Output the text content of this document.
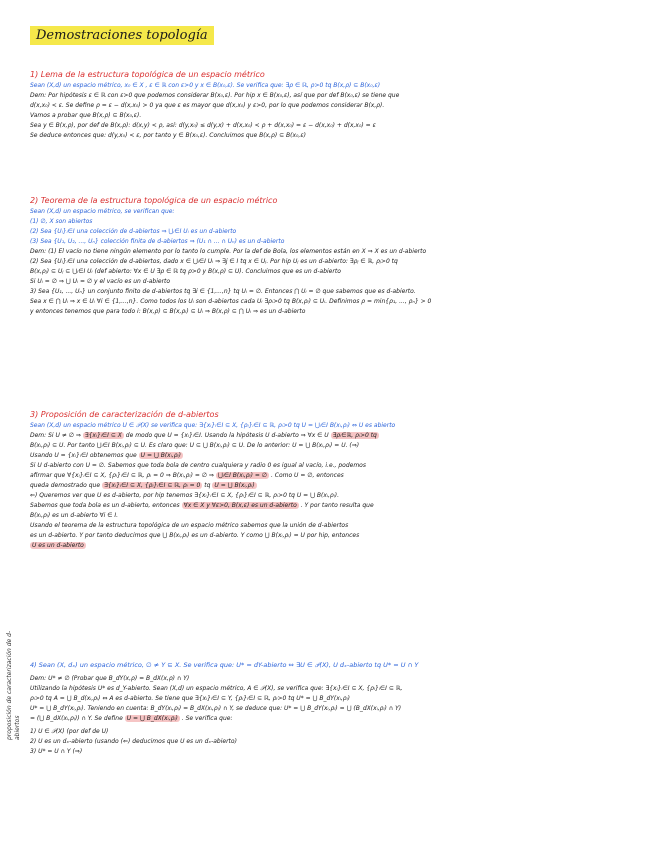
Demostraciones topología
1) Lema de la estructura topológica de un espacio métrico
Sean (X,d) un espacio métrico, x₀ ∈ X , ε ∈ ℝ con ε>0 y x ∈ B(x₀,ε). Se verifica que: ∃ρ ∈ ℝ, ρ>0 tq B(x,ρ) ⊆ B(x₀,ε)
Dem: Por hipótesis ε ∈ ℝ con ε>0 que podemos considerar B(x₀,ε). Por hip x ∈ B(x₀,ε), así que por def B(x₀,ε) se tiene que
d(x,x₀) < ε. Se define ρ = ε − d(x,x₀) > 0 ya que ε es mayor que d(x,x₀) y ε>0, por lo que podemos considerar B(x,ρ).
Vamos a probar que B(x,ρ) ⊆ B(x₀,ε).
Sea y ∈ B(x,ρ), por def de B(x,ρ): d(x,y) < ρ, así: d(y,x₀) ≤ d(y,x) + d(x,x₀) < ρ + d(x,x₀) = ε − d(x,x₀) + d(x,x₀) = ε
Se deduce entonces que: d(y,x₀) < ε, por tanto y ∈ B(x₀,ε). Concluimos que B(x,ρ) ⊆ B(x₀,ε)
2) Teorema de la estructura topológica de un espacio métrico
Sean (X,d) un espacio métrico, se verifican que:
(1) ∅, X son abiertos
(2) Sea {Uᵢ}ᵢ∈I una colección de d-abiertos ⇒ ⋃ᵢ∈I Uᵢ es un d-abierto
(3) Sea {U₁, U₂, ..., Uₙ} colección finita de d-abiertos ⇒ (U₁ ∩ ... ∩ Uₙ) es un d-abierto
Dem: (1) El vacío no tiene ningún elemento por lo tanto lo cumple. Por la def de Bola, los elementos están en X ⇒ X es un d-abierto
(2) Sea {Uᵢ}ᵢ∈I una colección de d-abiertos, dado x ∈ ⋃ᵢ∈I Uᵢ ⇒ ∃j ∈ I tq x ∈ Uⱼ. Por hip Uⱼ es un d-abierto: ∃ρⱼ ∈ ℝ, ρⱼ>0 tq
B(x,ρⱼ) ⊆ Uⱼ ⊆ ⋃ᵢ∈I Uᵢ (def abierto: ∀x ∈ U ∃ρ ∈ ℝ tq ρ>0 y B(x,ρ) ⊆ U). Concluimos que es un d-abierto
Si Uᵢ = ∅ ⇒ ⋃ Uᵢ = ∅ y el vacío es un d-abierto
3) Sea {U₁, ..., Uₙ} un conjunto finito de d-abiertos tq ∃i ∈ {1,...,n} tq Uᵢ = ∅. Entonces ⋂ Uᵢ = ∅ que sabemos que es d-abierto.
Sea x ∈ ⋂ Uᵢ ⇒ x ∈ Uᵢ ∀i ∈ {1,...,n}. Como todos los Uᵢ son d-abiertos cada Uᵢ ∃ρᵢ>0 tq B(x,ρᵢ) ⊆ Uᵢ. Definimos ρ = min{ρ₁, ..., ρₙ} > 0
y entonces tenemos que para todo i: B(x,ρ) ⊆ B(x,ρᵢ) ⊆ Uᵢ ⇒ B(x,ρ) ⊆ ⋂ Uᵢ ⇒ es un d-abierto
3) Proposición de caracterización de d-abiertos
Sean (X,d) un espacio métrico U ∈ 𝒫(X) se verifica que: ∃{xᵢ}ᵢ∈I ⊆ X, {ρᵢ}ᵢ∈I ⊆ ℝ, ρᵢ>0 tq U = ⋃ᵢ∈I B(xᵢ,ρᵢ) ⇔ U es abierto
Dem: Si U ≠ ∅ ⇒ ∃{xᵢ}ᵢ∈I ⊆ X de modo que U = {xᵢ}ᵢ∈I. Usando la hipótesis U d-abierto ⇒ ∀x ∈ U ∃ρᵢ∈ℝ, ρᵢ>0 tq
B(xᵢ,ρᵢ) ⊆ U. Por tanto ⋃ᵢ∈I B(xᵢ,ρᵢ) ⊆ U. Es claro que: U ⊆ ⋃ B(xᵢ,ρᵢ) ⊆ U. De lo anterior: U = ⋃ B(xᵢ,ρᵢ) = U. (⇒)
Usando U = {xᵢ}ᵢ∈I obtenemos que U = ⋃ B(xᵢ,ρᵢ)
Si U d-abierto con U = ∅. Sabemos que toda bola de centro cualquiera y radio 0 es igual al vacío, i.e., podemos
afirmar que ∀{xᵢ}ᵢ∈I ⊆ X, {ρᵢ}ᵢ∈I ⊆ ℝ, ρᵢ = 0 ⇒ B(xᵢ,ρᵢ) = ∅ ⇒ ⋃ᵢ∈I B(xᵢ,ρᵢ) = ∅ . Como U = ∅, entonces
queda demostrado que ∃{xᵢ}ᵢ∈I ⊆ X, {ρᵢ}ᵢ∈I ⊆ ℝ, ρᵢ = 0 tq U = ⋃ B(xᵢ,ρᵢ)
⇐) Queremos ver que U es d-abierto, por hip tenemos ∃{xᵢ}ᵢ∈I ⊆ X, {ρᵢ}ᵢ∈I ⊆ ℝ, ρᵢ>0 tq U = ⋃ B(xᵢ,ρᵢ).
Sabemos que toda bola es un d-abierto, entonces ∀x ∈ X y ∀ε>0, B(x,ε) es un d-abierto . Y por tanto resulta que
B(xᵢ,ρᵢ) es un d-abierto ∀i ∈ I.
Usando el teorema de la estructura topológica de un espacio métrico sabemos que la unión de d-abiertos
es un d-abierto. Y por tanto deducimos que ⋃ B(xᵢ,ρᵢ) es un d-abierto. Y como ⋃ B(xᵢ,ρᵢ) = U por hip, entonces
U es un d-abierto
4) Sean (X, dₓ) un espacio métrico, ∅ ≠ Y ⊆ X. Se verifica que: U* = dY-abierto ⇔ ∃U ∈ 𝒫(X), U dₓ-abierto tq U* = U ∩ Y
Dem: U* ≠ ∅ (Probar que B_dY(x,ρ) = B_dX(x,ρ) ∩ Y)
Utilizando la hipótesis U* es d_Y-abierto. Sean (X,d) un espacio métrico, A ∈ 𝒫(X), se verifica que: ∃{xᵢ}ᵢ∈I ⊆ X, {ρᵢ}ᵢ∈I ⊆ ℝ,
ρᵢ>0 tq A = ⋃ B_d(xᵢ,ρᵢ) ⇔ A es d-abierto. Se tiene que ∃{xᵢ}ᵢ∈I ⊆ Y, {ρᵢ}ᵢ∈I ⊆ ℝ, ρᵢ>0 tq U* = ⋃ B_dY(xᵢ,ρᵢ)
U* = ⋃ B_dY(xᵢ,ρᵢ). Teniendo en cuenta: B_dY(xᵢ,ρᵢ) = B_dX(xᵢ,ρᵢ) ∩ Y, se deduce que: U* = ⋃ B_dY(xᵢ,ρᵢ) = ⋃ (B_dX(xᵢ,ρᵢ) ∩ Y)
= (⋃ B_dX(xᵢ,ρᵢ)) ∩ Y. Se define U = ⋃ B_dX(xᵢ,ρᵢ) . Se verifica que:
1) U ∈ 𝒫(X) (por def de U)
2) U es un dₓ-abierto (usando (⇐) deducimos que U es un dₓ-abierto)
3) U* = U ∩ Y (⇒)
proposición de caracterización de d-abiertos
